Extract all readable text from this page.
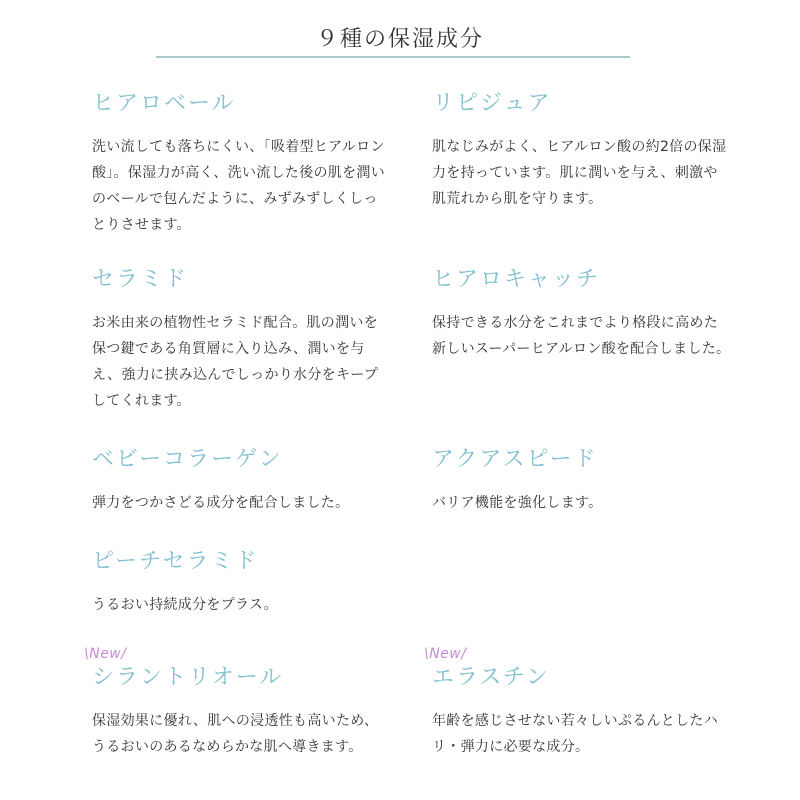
９種の保湿成分
ヒアロベール
洗い流しても落ちにくい、「吸着型ヒアルロン酸」。保湿力が高く、洗い流した後の肌を潤いのベールで包んだように、みずみずしくしっとりさせます。
リピジュア
肌なじみがよく、ヒアルロン酸の約2倍の保湿力を持っています。肌に潤いを与え、刺激や肌荒れから肌を守ります。
セラミド
お米由来の植物性セラミド配合。肌の潤いを保つ鍵である角質層に入り込み、潤いを与え、強力に挟み込んでしっかり水分をキープしてくれます。
ヒアロキャッチ
保持できる水分をこれまでより格段に高めた新しいスーパーヒアルロン酸を配合しました。
ベビーコラーゲン
弾力をつかさどる成分を配合しました。
アクアスピード
バリア機能を強化します。
ピーチセラミド
うるおい持続成分をプラス。
\New/
シラントリオール
保湿効果に優れ、肌への浸透性も高いため、うるおいのあるなめらかな肌へ導きます。
\New/
エラスチン
年齢を感じさせない若々しいぷるんとしたハリ・弾力に必要な成分。
